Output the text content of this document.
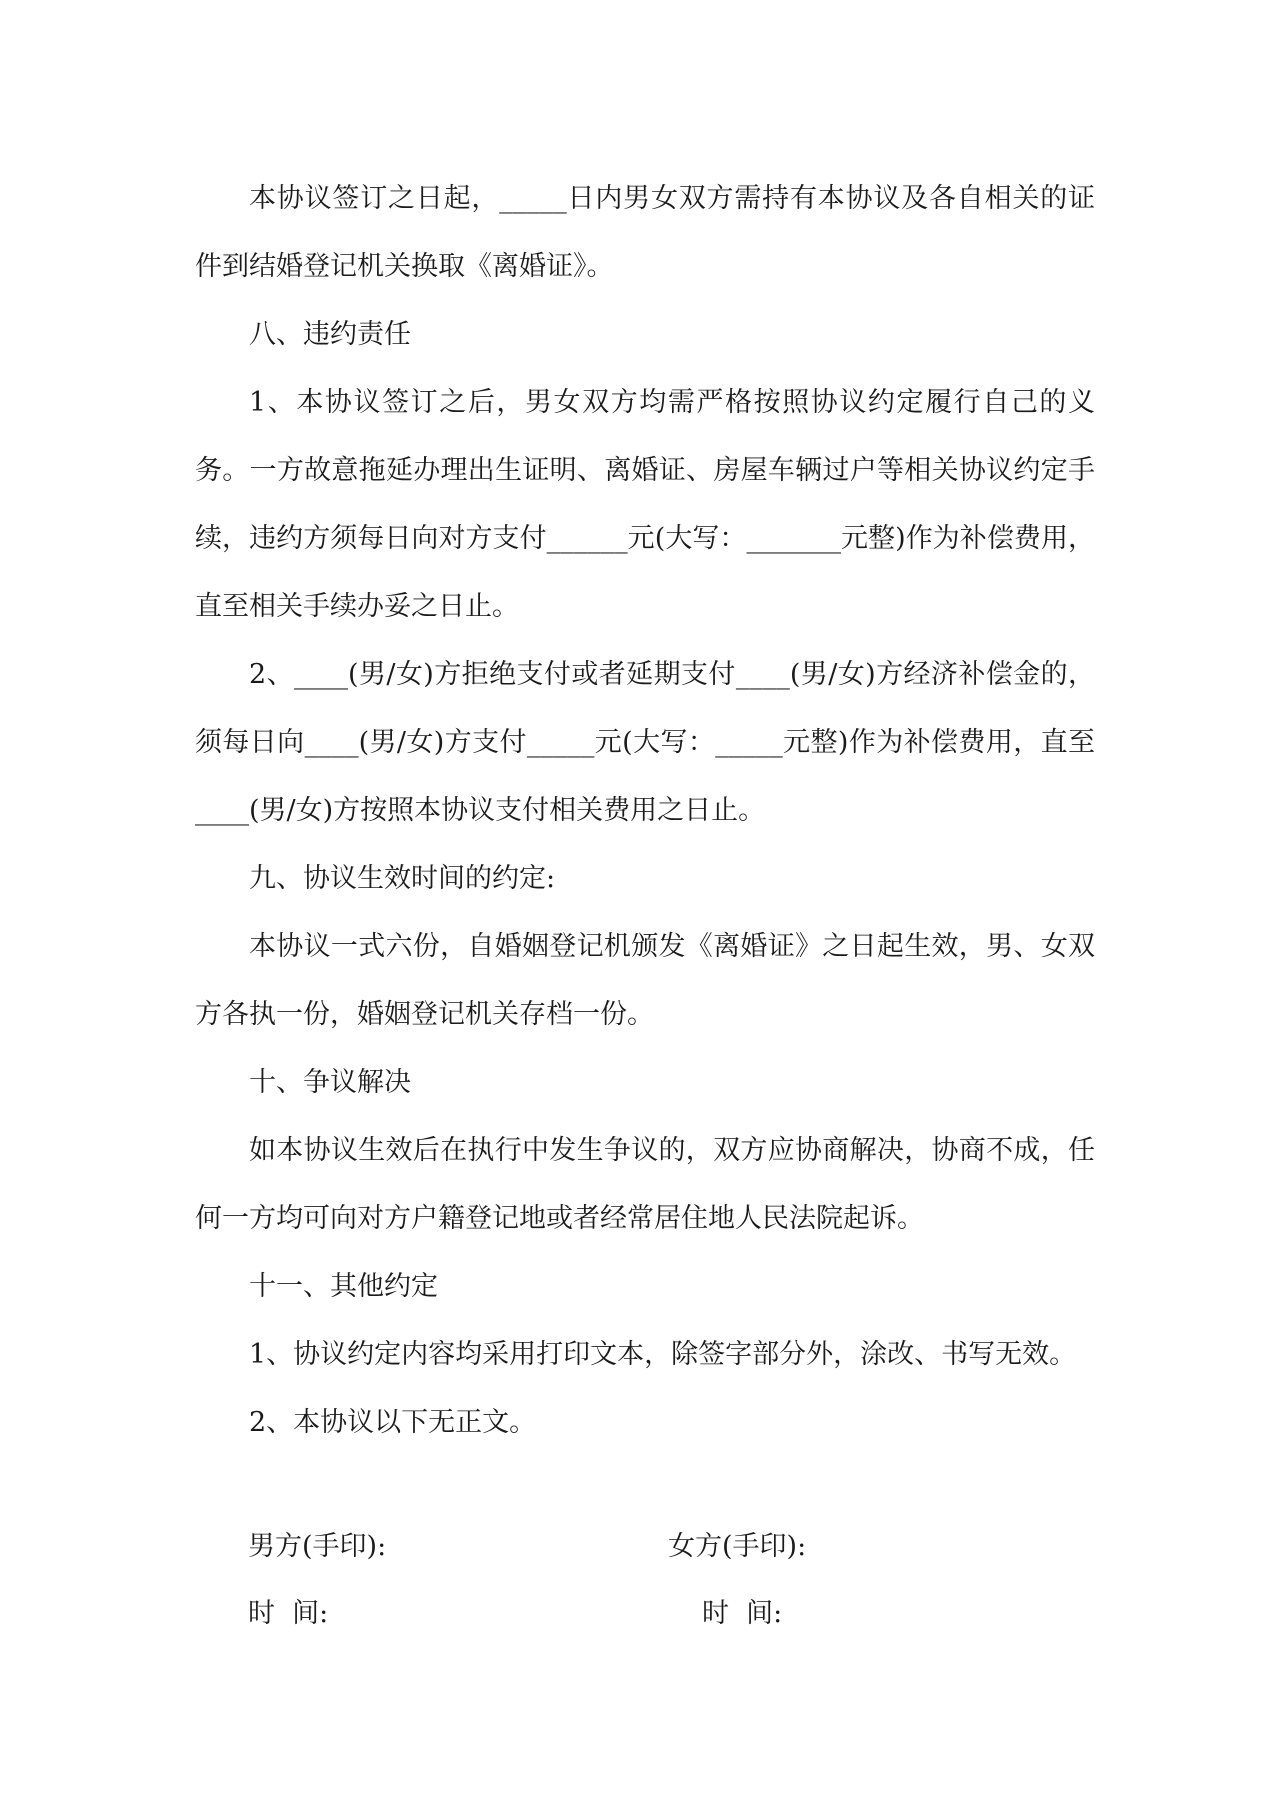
本协议签订之日起，_____日内男女双方需持有本协议及各自相关的证件到结婚登记机关换取《离婚证》。

八、违约责任

1、本协议签订之后，男女双方均需严格按照协议约定履行自己的义务。一方故意拖延办理出生证明、离婚证、房屋车辆过户等相关协议约定手续，违约方须每日向对方支付______元(大写：_______元整)作为补偿费用，直至相关手续办妥之日止。

2、____(男/女)方拒绝支付或者延期支付____(男/女)方经济补偿金的，须每日向____(男/女)方支付_____元(大写：_____元整)作为补偿费用，直至____(男/女)方按照本协议支付相关费用之日止。

九、协议生效时间的约定:

本协议一式六份，自婚姻登记机颁发《离婚证》之日起生效，男、女双方各执一份，婚姻登记机关存档一份。

十、争议解决

如本协议生效后在执行中发生争议的，双方应协商解决，协商不成，任何一方均可向对方户籍登记地或者经常居住地人民法院起诉。

十一、其他约定

1、协议约定内容均采用打印文本，除签字部分外，涂改、书写无效。

2、本协议以下无正文。

男方(手印):	女方(手印):
时  间:	时  间:
